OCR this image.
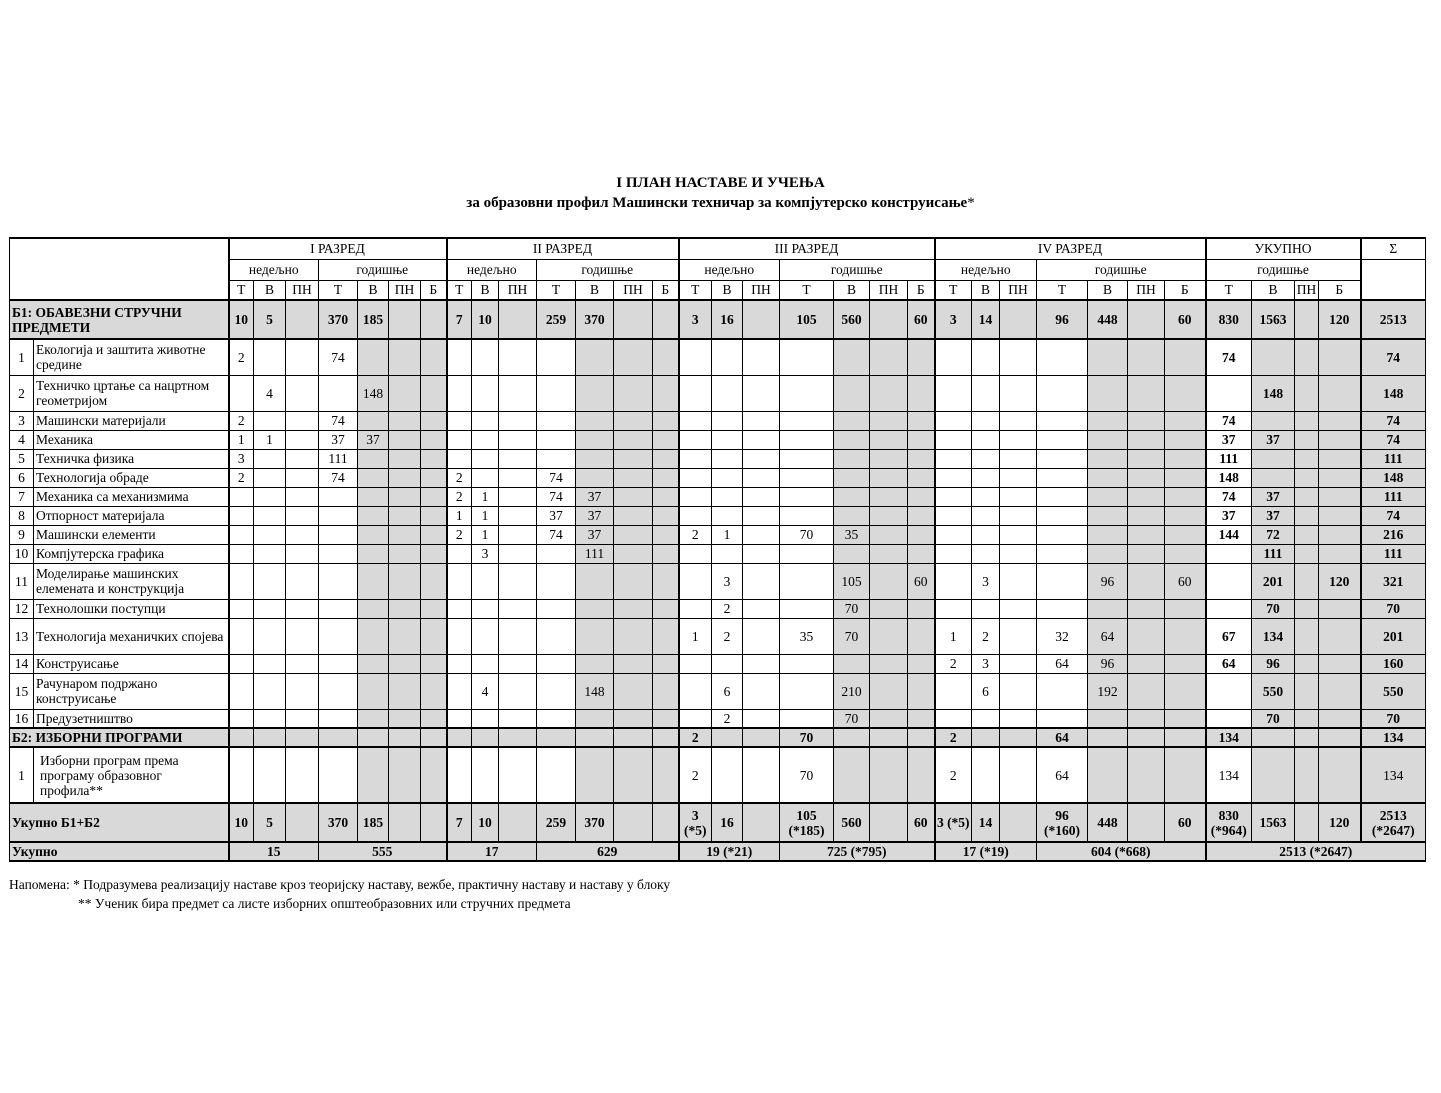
I ПЛАН НАСТАВЕ И УЧЕЊА
за образовни профил Машински техничар за компјутерско конструисање*
		I РАЗРЕД							II РАЗРЕД							III РАЗРЕД							IV РАЗРЕД							УКУПНО				Σ
		недељно			годишње				недељно			годишње				недељно			годишње				недељно			годишње				годишње				
		Т	В	ПН	Т	В	ПН	Б	Т	В	ПН	Т	В	ПН	Б	Т	В	ПН	Т	В	ПН	Б	Т	В	ПН	Т	В	ПН	Б	Т	В	ПН	Б	
Б1: ОБАВЕЗНИ СТРУЧНИ ПРЕДМЕТИ		10	5		370	185			7	10		259	370			3	16		105	560		60	3	14		96	448		60	830	1563		120	2513
1	Екологија и заштита животне средине	2			74																									74				74
2	Техничко цртање са нацртном геометријом		4			148																									148			148
3	Машински материјали	2			74																									74				74
4	Механика	1	1		37	37																								37	37			74
5	Техничка физика	3			111																									111				111
6	Технологија обраде	2			74				2			74																		148				148
7	Механика са механизмима								2	1		74	37																	74	37			111
8	Отпорност материјала								1	1		37	37																	37	37			74
9	Машински елементи								2	1		74	37			2	1		70	35										144	72			216
10	Компјутерска графика									3			111																		111			111
11	Моделирање машинских елемената и конструкција																3			105		60		3			96		60		201		120	321
12	Технолошки поступци																2			70											70			70
13	Технологија механичких спојева															1	2		35	70			1	2		32	64			67	134			201
14	Конструисање																						2	3		64	96			64	96			160
15	Рачунаром подржано конструисање									4			148				6			210				6			192				550			550
16	Предузетништво																2			70											70			70
Б2: ИЗБОРНИ ПРОГРАМИ																2			70				2			64				134				134
1	Изборни програм према програму образовног профила**															2			70				2			64				134				134
Укупно Б1+Б2		10	5		370	185			7	10		259	370			3 (*5)	16		105 (*185)	560		60	3 (*5)	14		96 (*160)	448		60	830 (*964)	1563		120	2513 (*2647)
Укупно		15			555				17			629				19 (*21)			725 (*795)				17 (*19)			604 (*668)				2513 (*2647)				
Напомена: * Подразумева реализацију наставе кроз теоријску наставу, вежбе, практичну наставу и наставу у блоку
** Ученик бира предмет са листе изборних општеобразовних или стручних предмета
